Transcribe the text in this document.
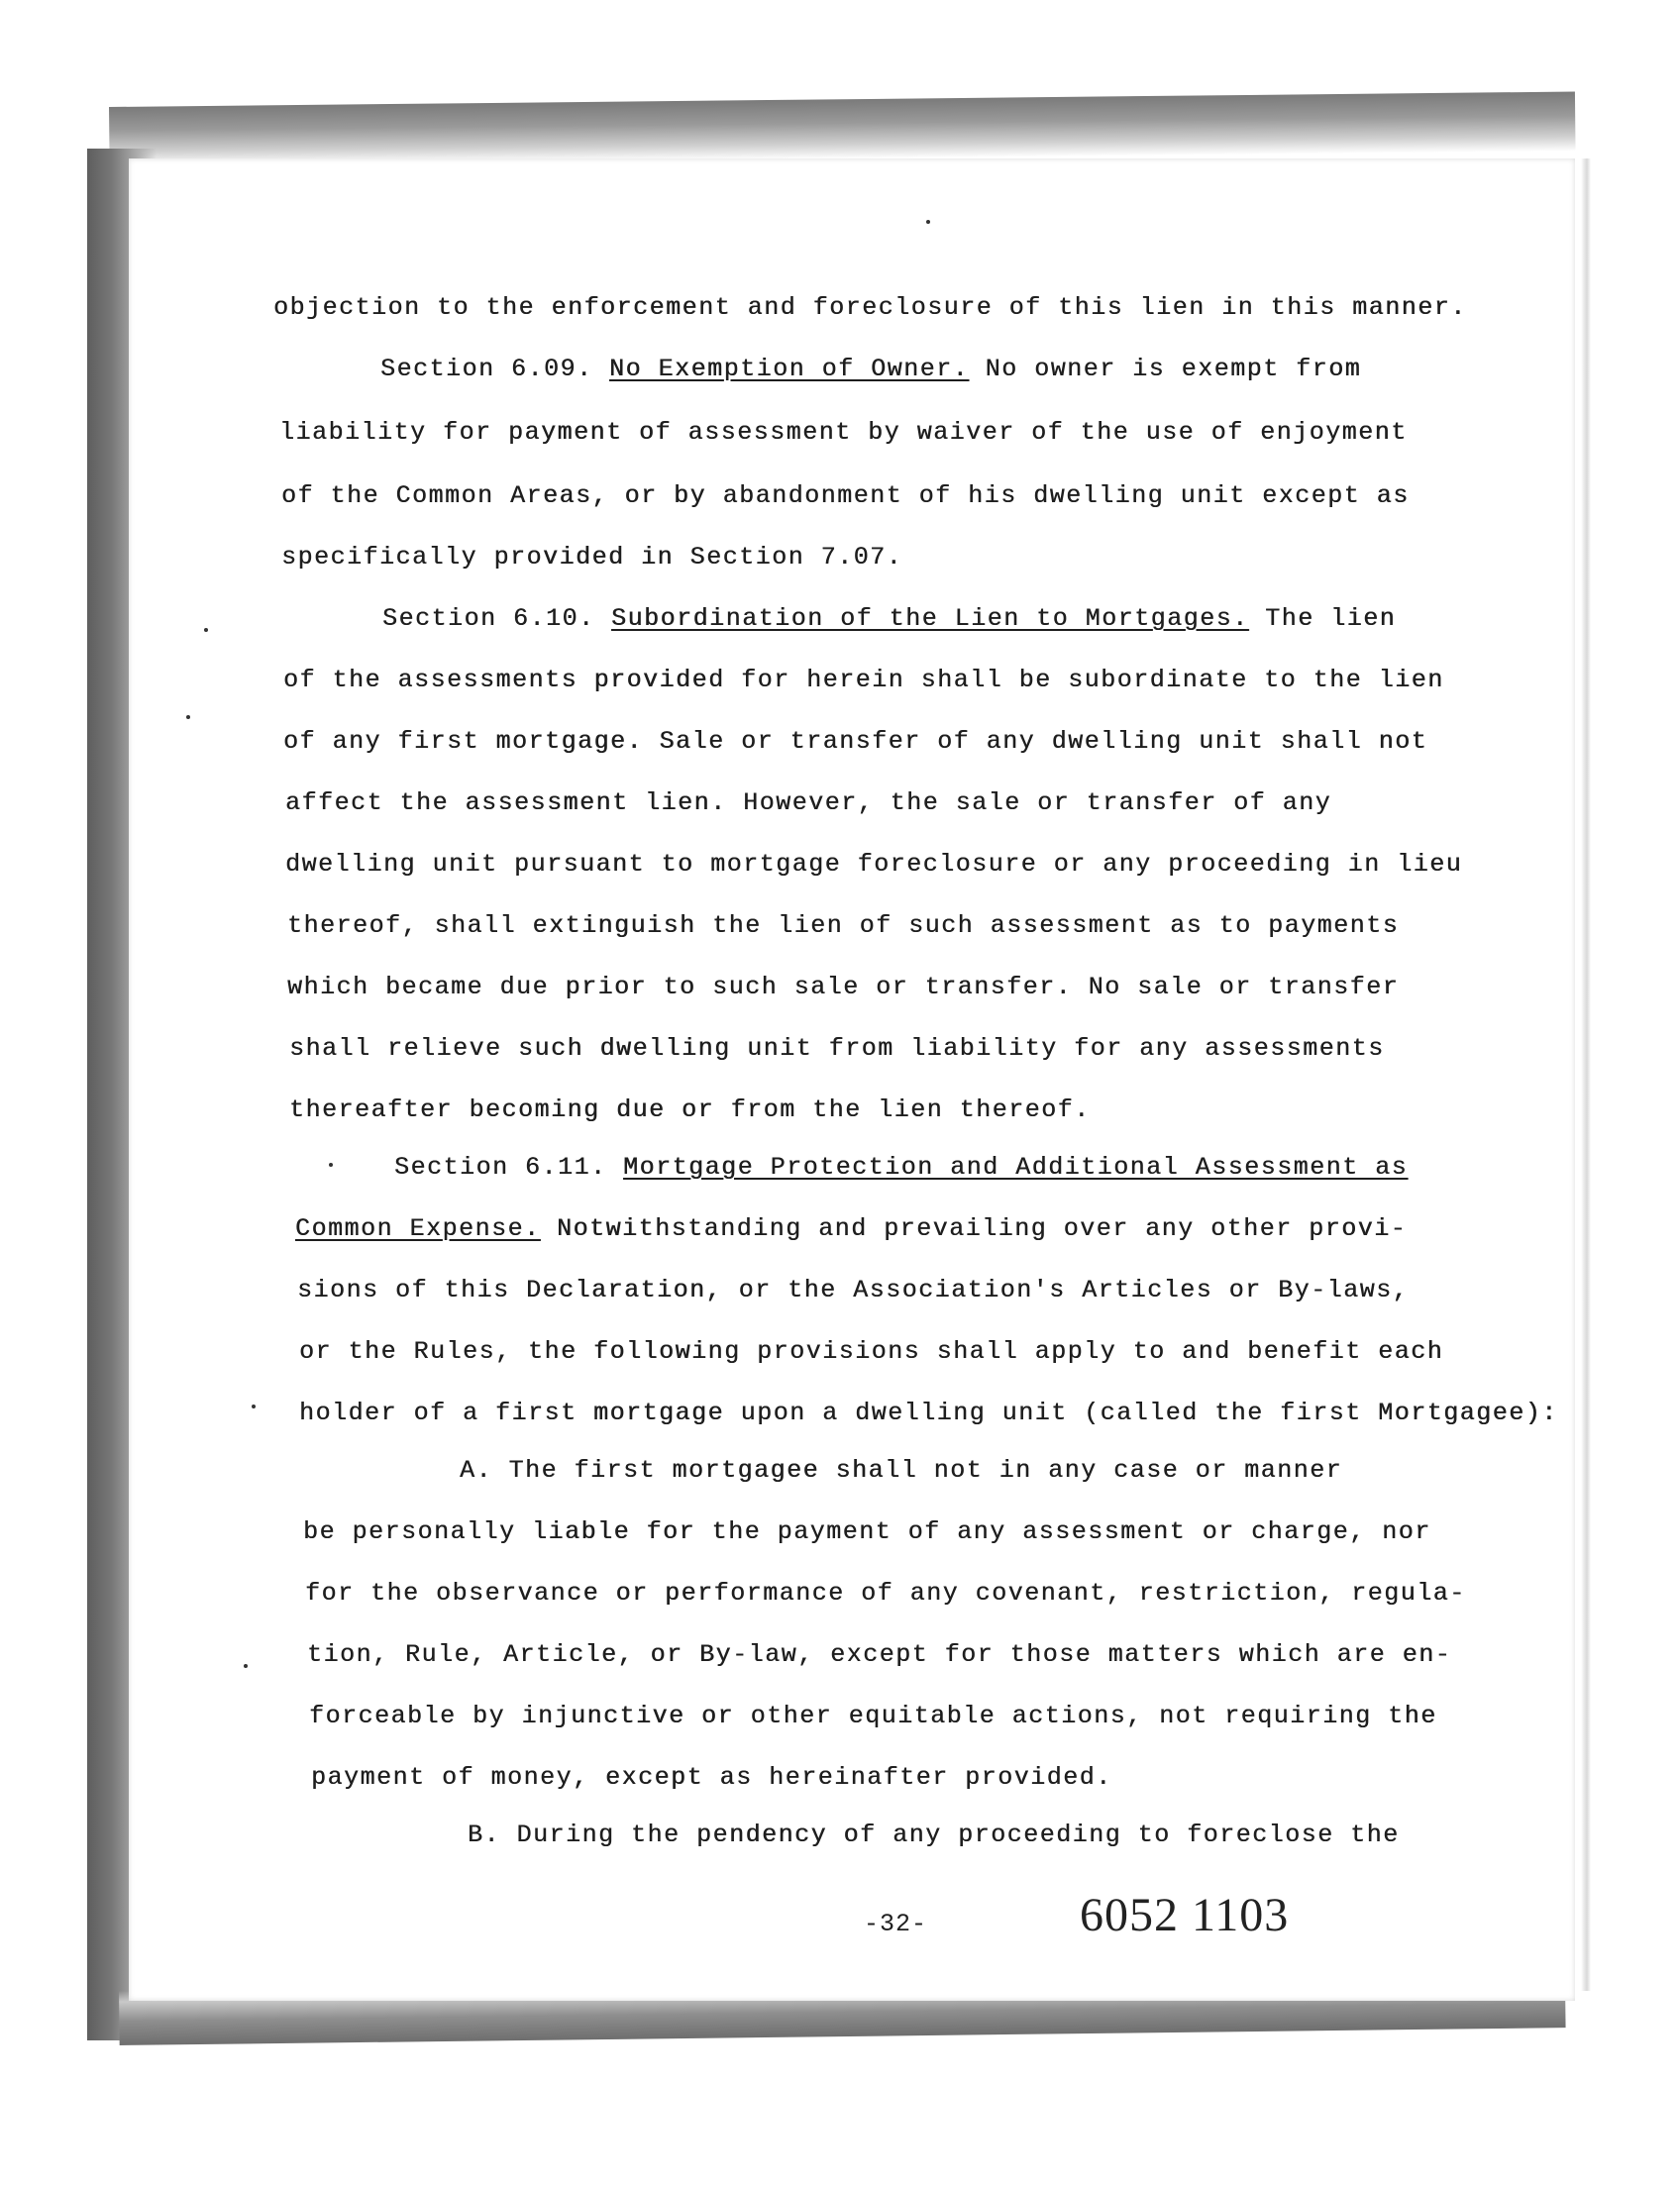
objection to the enforcement and foreclosure of this lien in this manner.
Section 6.09. No Exemption of Owner. No owner is exempt from
liability for payment of assessment by waiver of the use of enjoyment
of the Common Areas, or by abandonment of his dwelling unit except as
specifically provided in Section 7.07.
Section 6.10. Subordination of the Lien to Mortgages. The lien
of the assessments provided for herein shall be subordinate to the lien
of any first mortgage. Sale or transfer of any dwelling unit shall not
affect the assessment lien. However, the sale or transfer of any
dwelling unit pursuant to mortgage foreclosure or any proceeding in lieu
thereof, shall extinguish the lien of such assessment as to payments
which became due prior to such sale or transfer. No sale or transfer
shall relieve such dwelling unit from liability for any assessments
thereafter becoming due or from the lien thereof.
Section 6.11. Mortgage Protection and Additional Assessment as
Common Expense. Notwithstanding and prevailing over any other provi-
sions of this Declaration, or the Association's Articles or By-laws,
or the Rules, the following provisions shall apply to and benefit each
holder of a first mortgage upon a dwelling unit (called the first Mortgagee):
A. The first mortgagee shall not in any case or manner
be personally liable for the payment of any assessment or charge, nor
for the observance or performance of any covenant, restriction, regula-
tion, Rule, Article, or By-law, except for those matters which are en-
forceable by injunctive or other equitable actions, not requiring the
payment of money, except as hereinafter provided.
B. During the pendency of any proceeding to foreclose the
-32-	6052 1103
